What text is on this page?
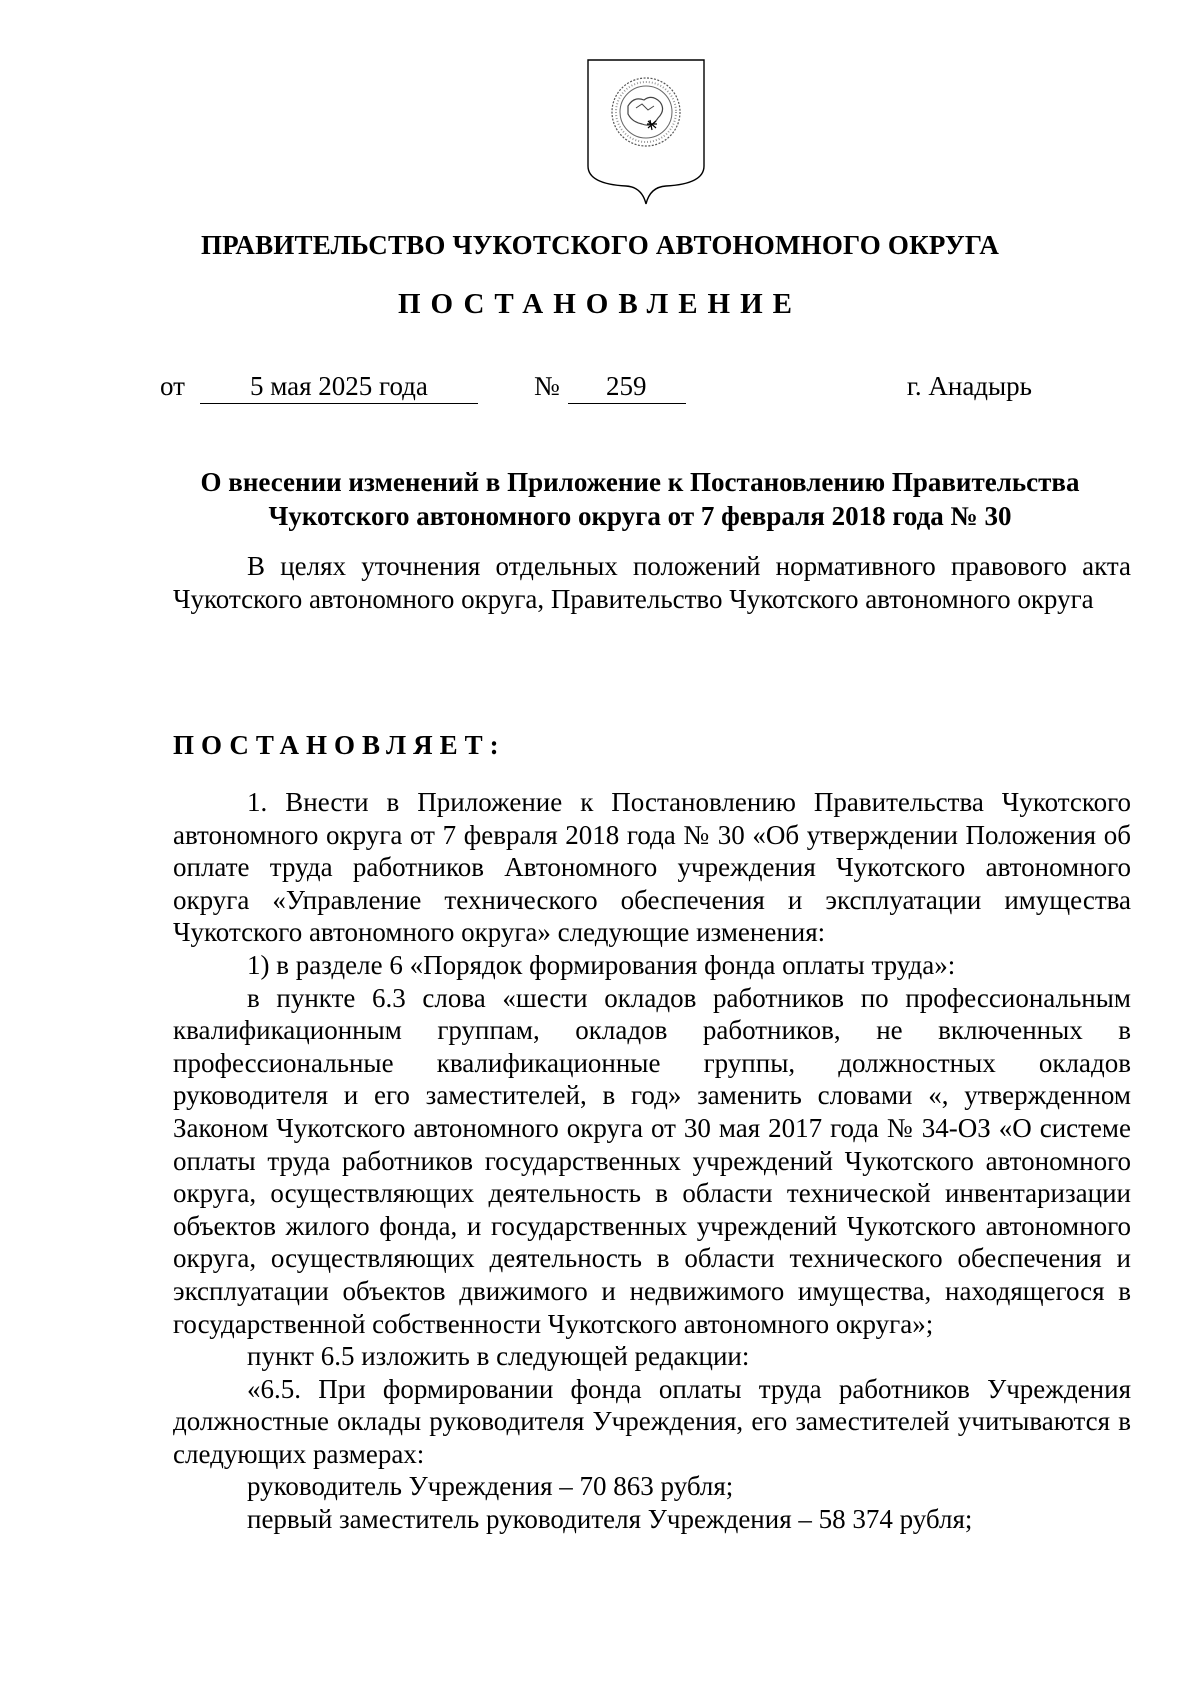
ПРАВИТЕЛЬСТВО ЧУКОТСКОГО АВТОНОМНОГО ОКРУГА
ПОСТАНОВЛЕНИЕ
от 5 мая 2025 года	№ 259	г. Анадырь
О внесении изменений в Приложение к Постановлению Правительства
Чукотского автономного округа от 7 февраля 2018 года № 30

В целях уточнения отдельных положений нормативного правового акта Чукотского автономного округа, Правительство Чукотского автономного округа

ПОСТАНОВЛЯЕТ:

1. Внести в Приложение к Постановлению Правительства Чукотского автономного округа от 7 февраля 2018 года № 30 «Об утверждении Положения об оплате труда работников Автономного учреждения Чукотского автономного округа «Управление технического обеспечения и эксплуатации имущества Чукотского автономного округа» следующие изменения:

1) в разделе 6 «Порядок формирования фонда оплаты труда»:

в пункте 6.3 слова «шести окладов работников по профессиональным квалификационным группам, окладов работников, не включенных в профессиональные квалификационные группы, должностных окладов руководителя и его заместителей, в год» заменить словами «, утвержденном Законом Чукотского автономного округа от 30 мая 2017 года № 34-ОЗ «О системе оплаты труда работников государственных учреждений Чукотского автономного округа, осуществляющих деятельность в области технической инвентаризации объектов жилого фонда, и государственных учреждений Чукотского автономного округа, осуществляющих деятельность в области технического обеспечения и эксплуатации объектов движимого и недвижимого имущества, находящегося в государственной собственности Чукотского автономного округа»;

пункт 6.5 изложить в следующей редакции:

«6.5. При формировании фонда оплаты труда работников Учреждения должностные оклады руководителя Учреждения, его заместителей учитываются в следующих размерах:

руководитель Учреждения – 70 863 рубля;

первый заместитель руководителя Учреждения – 58 374 рубля;
